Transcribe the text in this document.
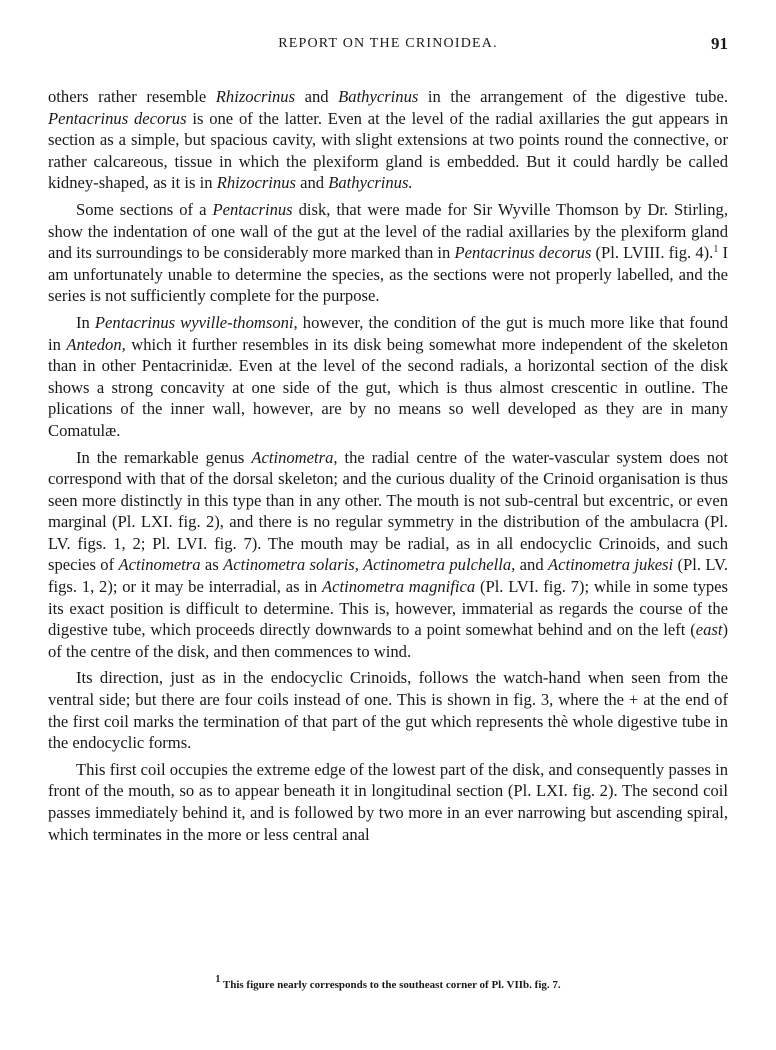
REPORT ON THE CRINOIDEA.	91

others rather resemble Rhizocrinus and Bathycrinus in the arrangement of the digestive tube. Pentacrinus decorus is one of the latter. Even at the level of the radial axillaries the gut appears in section as a simple, but spacious cavity, with slight extensions at two points round the connective, or rather calcareous, tissue in which the plexiform gland is embedded. But it could hardly be called kidney-shaped, as it is in Rhizocrinus and Bathycrinus.

Some sections of a Pentacrinus disk, that were made for Sir Wyville Thomson by Dr. Stirling, show the indentation of one wall of the gut at the level of the radial axillaries by the plexiform gland and its surroundings to be considerably more marked than in Pentacrinus decorus (Pl. LVIII. fig. 4).$^1$ I am unfortunately unable to determine the species, as the sections were not properly labelled, and the series is not sufficiently complete for the purpose.

In Pentacrinus wyville-thomsoni, however, the condition of the gut is much more like that found in Antedon, which it further resembles in its disk being somewhat more independent of the skeleton than in other Pentacrinidæ. Even at the level of the second radials, a horizontal section of the disk shows a strong concavity at one side of the gut, which is thus almost crescentic in outline. The plications of the inner wall, however, are by no means so well developed as they are in many Comatulæ.

In the remarkable genus Actinometra, the radial centre of the water-vascular system does not correspond with that of the dorsal skeleton; and the curious duality of the Crinoid organisation is thus seen more distinctly in this type than in any other. The mouth is not sub-central but excentric, or even marginal (Pl. LXI. fig. 2), and there is no regular symmetry in the distribution of the ambulacra (Pl. LV. figs. 1, 2; Pl. LVI. fig. 7). The mouth may be radial, as in all endocyclic Crinoids, and such species of Actinometra as Actinometra solaris, Actinometra pulchella, and Actinometra jukesi (Pl. LV. figs. 1, 2); or it may be interradial, as in Actinometra magnifica (Pl. LVI. fig. 7); while in some types its exact position is difficult to determine. This is, however, immaterial as regards the course of the digestive tube, which proceeds directly downwards to a point somewhat behind and on the left (east) of the centre of the disk, and then commences to wind.

Its direction, just as in the endocyclic Crinoids, follows the watch-hand when seen from the ventral side; but there are four coils instead of one. This is shown in fig. 3, where the + at the end of the first coil marks the termination of that part of the gut which represents thè whole digestive tube in the endocyclic forms.

This first coil occupies the extreme edge of the lowest part of the disk, and consequently passes in front of the mouth, so as to appear beneath it in longitudinal section (Pl. LXI. fig. 2). The second coil passes immediately behind it, and is followed by two more in an ever narrowing but ascending spiral, which terminates in the more or less central anal

$^1$ This figure nearly corresponds to the southeast corner of Pl. VIIb. fig. 7.
